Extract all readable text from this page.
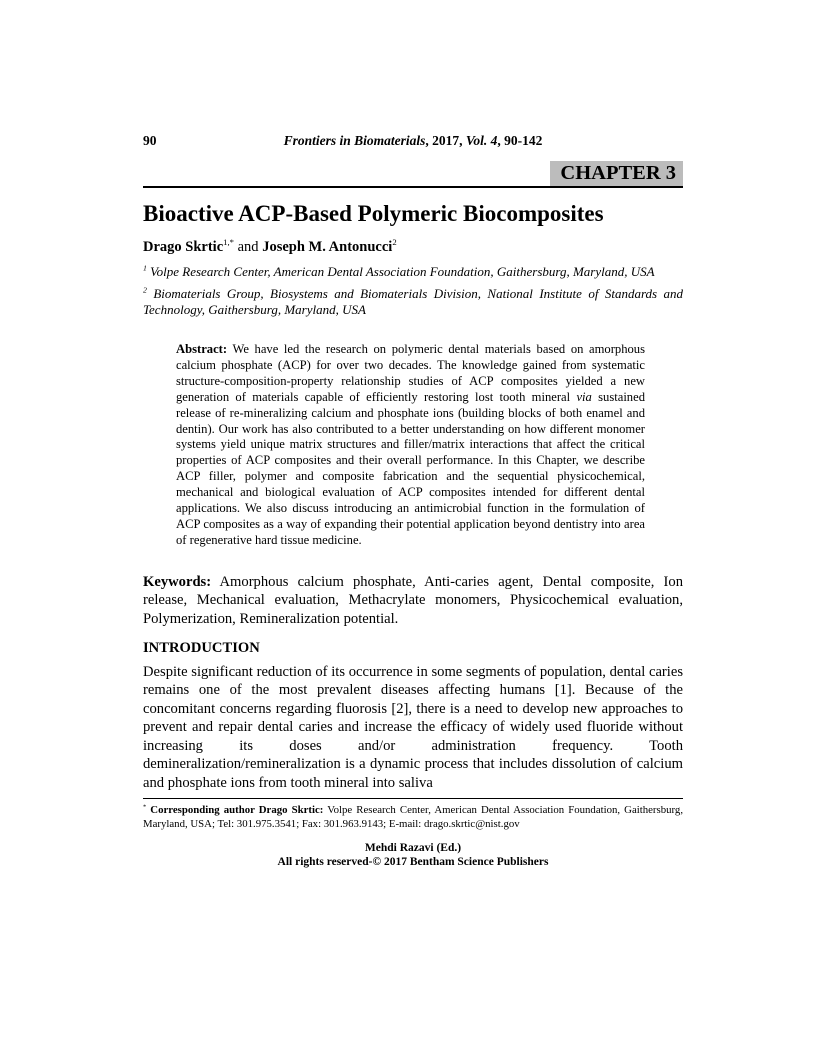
90	Frontiers in Biomaterials, 2017, Vol. 4, 90-142
CHAPTER 3
Bioactive ACP-Based Polymeric Biocomposites
Drago Skrtic$^{1,*}$ and Joseph M. Antonucci$^2$

$^1$ Volpe Research Center, American Dental Association Foundation, Gaithersburg, Maryland, USA

$^2$ Biomaterials Group, Biosystems and Biomaterials Division, National Institute of Standards and Technology, Gaithersburg, Maryland, USA

Abstract: We have led the research on polymeric dental materials based on amorphous calcium phosphate (ACP) for over two decades. The knowledge gained from systematic structure-composition-property relationship studies of ACP composites yielded a new generation of materials capable of efficiently restoring lost tooth mineral via sustained release of re-mineralizing calcium and phosphate ions (building blocks of both enamel and dentin). Our work has also contributed to a better understanding on how different monomer systems yield unique matrix structures and filler/matrix interactions that affect the critical properties of ACP composites and their overall performance. In this Chapter, we describe ACP filler, polymer and composite fabrication and the sequential physicochemical, mechanical and biological evaluation of ACP composites intended for different dental applications. We also discuss introducing an antimicrobial function in the formulation of ACP composites as a way of expanding their potential application beyond dentistry into area of regenerative hard tissue medicine.

Keywords: Amorphous calcium phosphate, Anti-caries agent, Dental composite, Ion release, Mechanical evaluation, Methacrylate monomers, Physicochemical evaluation, Polymerization, Remineralization potential.

INTRODUCTION

Despite significant reduction of its occurrence in some segments of population, dental caries remains one of the most prevalent diseases affecting humans [1]. Because of the concomitant concerns regarding fluorosis [2], there is a need to develop new approaches to prevent and repair dental caries and increase the efficacy of widely used fluoride without increasing its doses and/or administration frequency. Tooth demineralization/remineralization is a dynamic process that includes dissolution of calcium and phosphate ions from tooth mineral into saliva

* Corresponding author Drago Skrtic: Volpe Research Center, American Dental Association Foundation, Gaithersburg, Maryland, USA; Tel: 301.975.3541; Fax: 301.963.9143; E-mail: drago.skrtic@nist.gov
Mehdi Razavi (Ed.)
All rights reserved-© 2017 Bentham Science Publishers
